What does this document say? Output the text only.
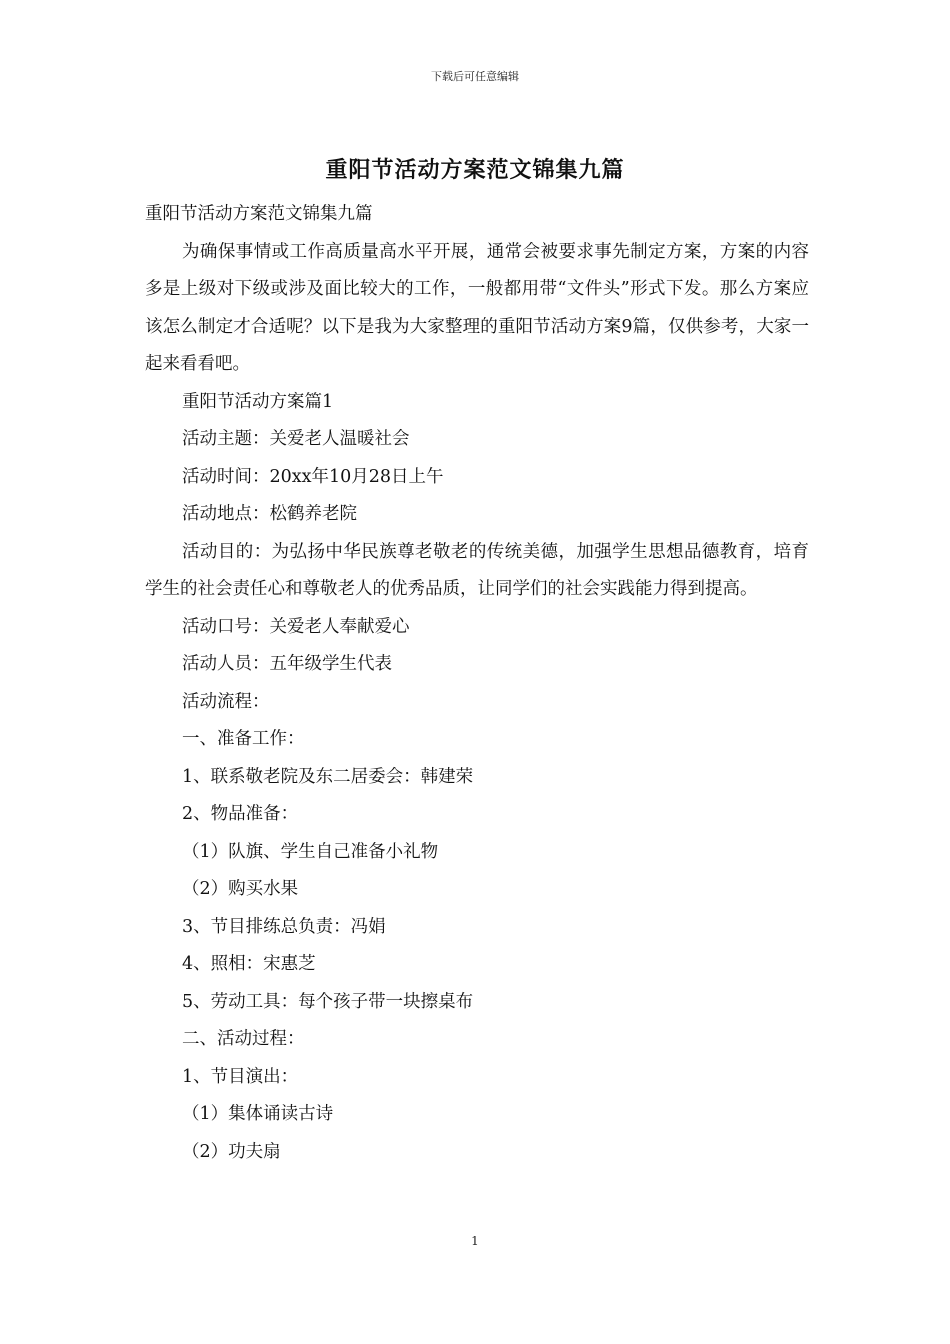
下载后可任意编辑
重阳节活动方案范文锦集九篇

重阳节活动方案范文锦集九篇

为确保事情或工作高质量高水平开展，通常会被要求事先制定方案，方案的内容多是上级对下级或涉及面比较大的工作，一般都用带“文件头”形式下发。那么方案应该怎么制定才合适呢？以下是我为大家整理的重阳节活动方案9篇，仅供参考，大家一起来看看吧。

重阳节活动方案篇1

活动主题：关爱老人温暖社会

活动时间：20xx年10月28日上午

活动地点：松鹤养老院

活动目的：为弘扬中华民族尊老敬老的传统美德，加强学生思想品德教育，培育学生的社会责任心和尊敬老人的优秀品质，让同学们的社会实践能力得到提高。

活动口号：关爱老人奉献爱心

活动人员：五年级学生代表

活动流程：

一、准备工作：

1、联系敬老院及东二居委会：韩建荣

2、物品准备：

（1）队旗、学生自己准备小礼物

（2）购买水果

3、节目排练总负责：冯娟

4、照相：宋惠芝

5、劳动工具：每个孩子带一块擦桌布

二、活动过程：

1、节目演出：

（1）集体诵读古诗

（2）功夫扇

1
